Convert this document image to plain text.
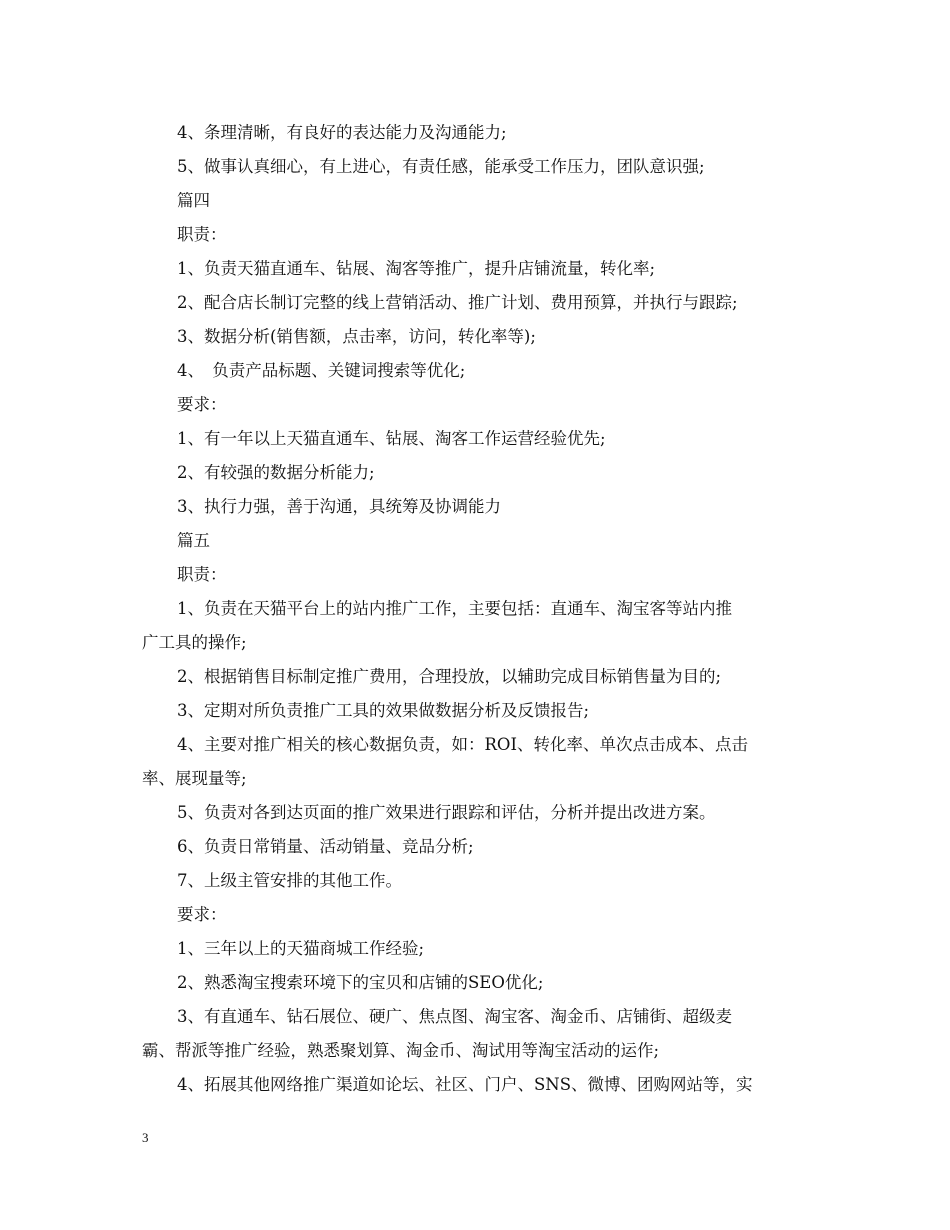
4、条理清晰，有良好的表达能力及沟通能力;
5、做事认真细心，有上进心，有责任感，能承受工作压力，团队意识强;
篇四
职责：
1、负责天猫直通车、钻展、淘客等推广，提升店铺流量，转化率;
2、配合店长制订完整的线上营销活动、推广计划、费用预算，并执行与跟踪;
3、数据分析(销售额，点击率，访问，转化率等);
4、　负责产品标题、关键词搜索等优化;
要求：
1、有一年以上天猫直通车、钻展、淘客工作运营经验优先;
2、有较强的数据分析能力;
3、执行力强，善于沟通，具统筹及协调能力
篇五
职责：
1、负责在天猫平台上的站内推广工作，主要包括：直通车、淘宝客等站内推
广工具的操作;
2、根据销售目标制定推广费用，合理投放，以辅助完成目标销售量为目的;
3、定期对所负责推广工具的效果做数据分析及反馈报告;
4、主要对推广相关的核心数据负责，如：ROI、转化率、单次点击成本、点击
率、展现量等;
5、负责对各到达页面的推广效果进行跟踪和评估，分析并提出改进方案。
6、负责日常销量、活动销量、竞品分析;
7、上级主管安排的其他工作。
要求：
1、三年以上的天猫商城工作经验;
2、熟悉淘宝搜索环境下的宝贝和店铺的SEO优化;
3、有直通车、钻石展位、硬广、焦点图、淘宝客、淘金币、店铺街、超级麦
霸、帮派等推广经验，熟悉聚划算、淘金币、淘试用等淘宝活动的运作;
4、拓展其他网络推广渠道如论坛、社区、门户、SNS、微博、团购网站等，实
3
